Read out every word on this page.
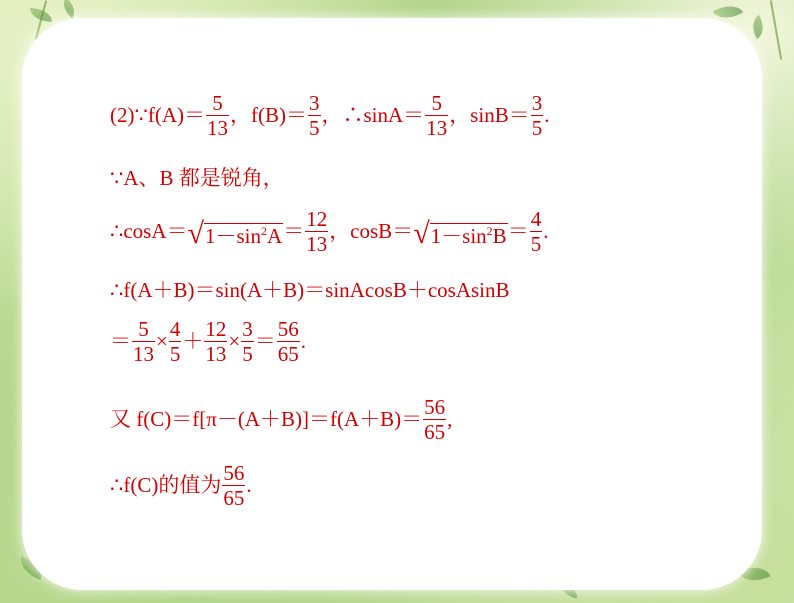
(2)∵f(A)＝ $\frac{5}{13}$ ，$f(B)= \frac{3}{5}$ ，∴sinA＝ $\frac{5}{13}$ ，$\sin B= \frac{3}{5}$ .
∵A、B 都是锐角，
∴cosA＝ √ $1-\sin^2A = \frac{12}{13}$ ，cosB＝ √ $1-\sin^2B = \frac{4}{5}$ .
∴f(A＋B)＝sin(A＋B)＝sinAcosB＋cosAsinB
＝ $\frac{5}{13} \times \frac{4}{5} + \frac{12}{13} \times \frac{3}{5} = \frac{56}{65}$ .
又 $f(C)=f[\pi-(A+B)]=f(A+B)= \frac{56}{65}$ ,
∴f(C)的值为 $\frac{56}{65}$ .
